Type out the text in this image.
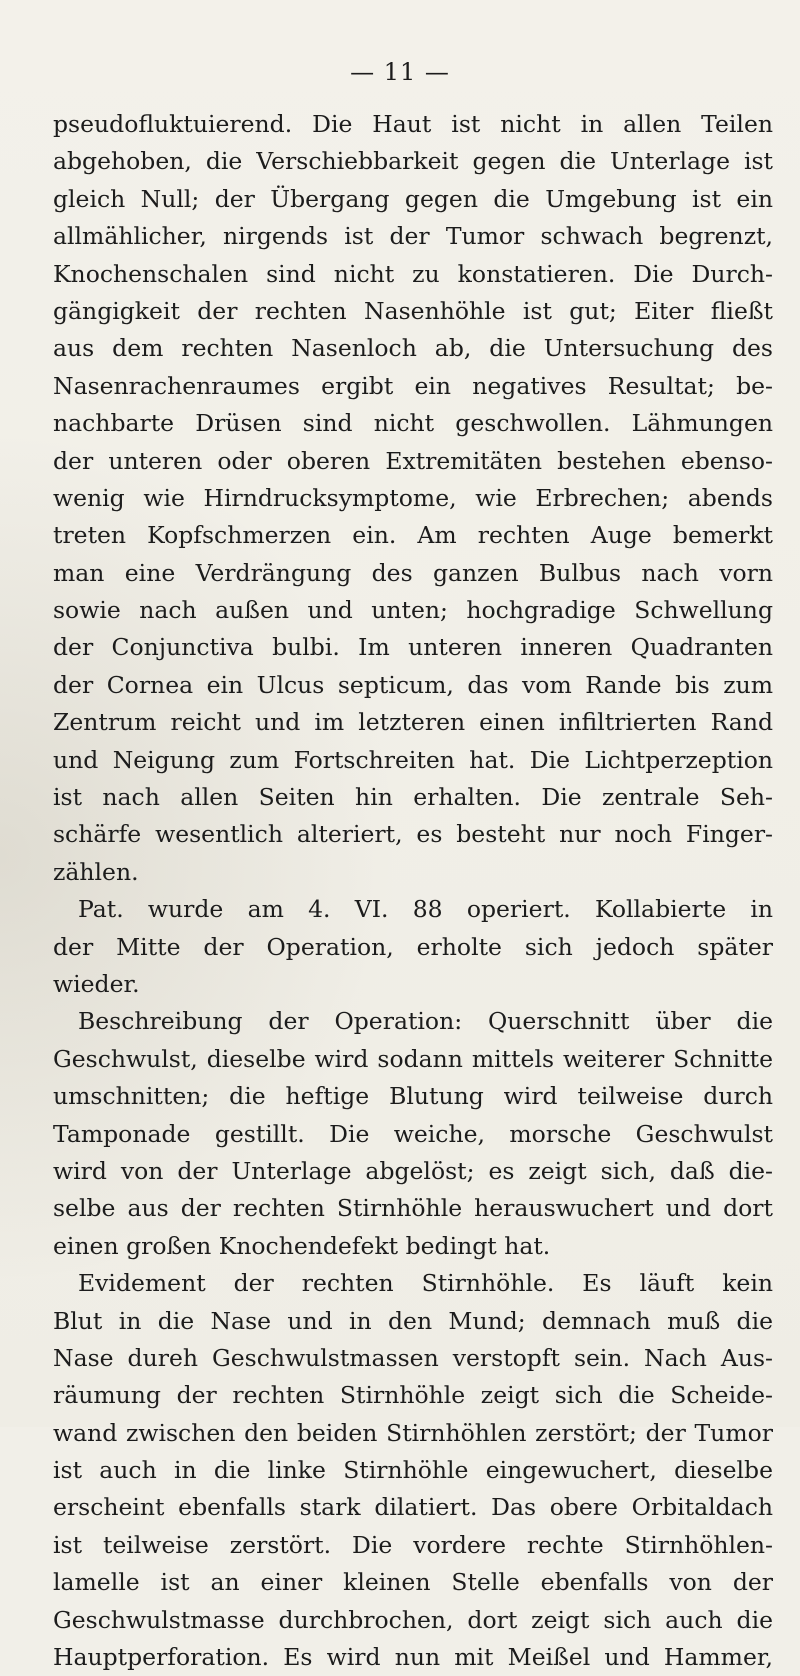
— 11 —
pseudofluktuierend. Die Haut ist nicht in allen Teilen
abgehoben, die Verschiebbarkeit gegen die Unterlage ist
gleich Null; der Übergang gegen die Umgebung ist ein
allmählicher, nirgends ist der Tumor schwach begrenzt,
Knochenschalen sind nicht zu konstatieren. Die Durch-
gängigkeit der rechten Nasenhöhle ist gut; Eiter fließt
aus dem rechten Nasenloch ab, die Untersuchung des
Nasenrachenraumes ergibt ein negatives Resultat; be-
nachbarte Drüsen sind nicht geschwollen. Lähmungen
der unteren oder oberen Extremitäten bestehen ebenso-
wenig wie Hirndrucksymptome, wie Erbrechen; abends
treten Kopfschmerzen ein. Am rechten Auge bemerkt
man eine Verdrängung des ganzen Bulbus nach vorn
sowie nach außen und unten; hochgradige Schwellung
der Conjunctiva bulbi. Im unteren inneren Quadranten
der Cornea ein Ulcus septicum, das vom Rande bis zum
Zentrum reicht und im letzteren einen infiltrierten Rand
und Neigung zum Fortschreiten hat. Die Lichtperzeption
ist nach allen Seiten hin erhalten. Die zentrale Seh-
schärfe wesentlich alteriert, es besteht nur noch Finger-
zählen.
Pat. wurde am 4. VI. 88 operiert. Kollabierte in
der Mitte der Operation, erholte sich jedoch später
wieder.
Beschreibung der Operation: Querschnitt über die
Geschwulst, dieselbe wird sodann mittels weiterer Schnitte
umschnitten; die heftige Blutung wird teilweise durch
Tamponade gestillt. Die weiche, morsche Geschwulst
wird von der Unterlage abgelöst; es zeigt sich, daß die-
selbe aus der rechten Stirnhöhle herauswuchert und dort
einen großen Knochendefekt bedingt hat.
Evidement der rechten Stirnhöhle. Es läuft kein
Blut in die Nase und in den Mund; demnach muß die
Nase dureh Geschwulstmassen verstopft sein. Nach Aus-
räumung der rechten Stirnhöhle zeigt sich die Scheide-
wand zwischen den beiden Stirnhöhlen zerstört; der Tumor
ist auch in die linke Stirnhöhle eingewuchert, dieselbe
erscheint ebenfalls stark dilatiert. Das obere Orbitaldach
ist teilweise zerstört. Die vordere rechte Stirnhöhlen-
lamelle ist an einer kleinen Stelle ebenfalls von der
Geschwulstmasse durchbrochen, dort zeigt sich auch die
Hauptperforation. Es wird nun mit Meißel und Hammer,
